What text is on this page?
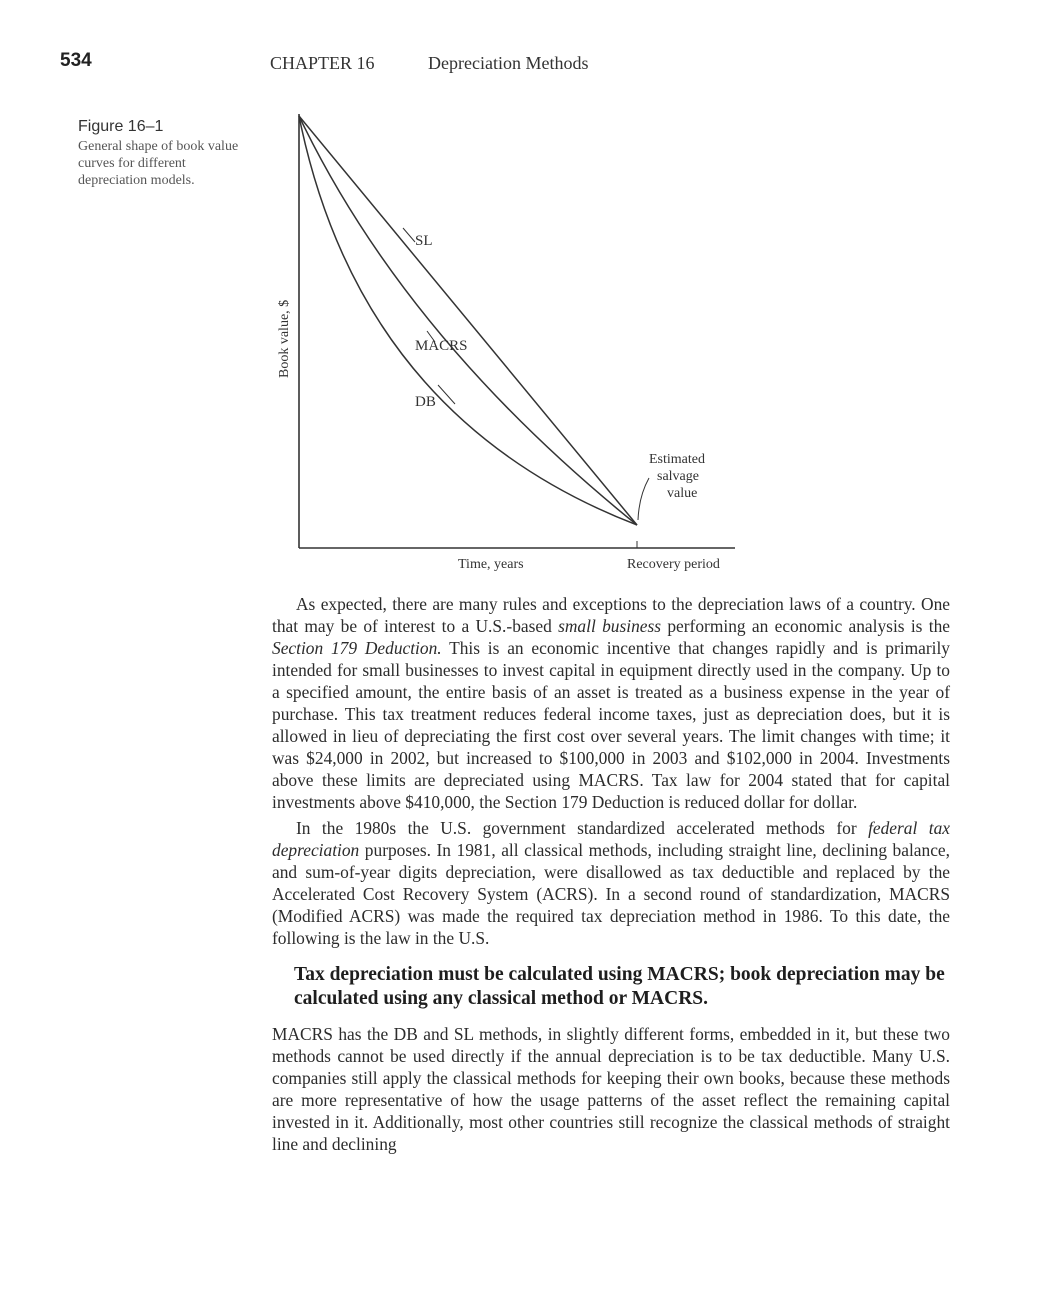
534	CHAPTER 16	Depreciation Methods
Figure 16–1
General shape of book value curves for different depreciation models.
SL
MACRS
DB
Estimated
salvage
value
Book value, $
Time, years	Recovery period

As expected, there are many rules and exceptions to the depreciation laws of a country. One that may be of interest to a U.S.-based small business performing an economic analysis is the Section 179 Deduction. This is an economic incentive that changes rapidly and is primarily intended for small businesses to invest capital in equipment directly used in the company. Up to a specified amount, the entire basis of an asset is treated as a business expense in the year of purchase. This tax treatment reduces federal income taxes, just as depreciation does, but it is allowed in lieu of depreciating the first cost over several years. The limit changes with time; it was $24,000 in 2002, but increased to $100,000 in 2003 and $102,000 in 2004. Investments above these limits are depreciated using MACRS. Tax law for 2004 stated that for capital investments above $410,000, the Section 179 Deduction is reduced dollar for dollar.

In the 1980s the U.S. government standardized accelerated methods for federal tax depreciation purposes. In 1981, all classical methods, including straight line, declining balance, and sum-of-year digits depreciation, were disallowed as tax deductible and replaced by the Accelerated Cost Recovery System (ACRS). In a second round of standardization, MACRS (Modified ACRS) was made the required tax depreciation method in 1986. To this date, the following is the law in the U.S.

Tax depreciation must be calculated using MACRS; book depreciation may be calculated using any classical method or MACRS.

MACRS has the DB and SL methods, in slightly different forms, embedded in it, but these two methods cannot be used directly if the annual depreciation is to be tax deductible. Many U.S. companies still apply the classical methods for keeping their own books, because these methods are more representative of how the usage patterns of the asset reflect the remaining capital invested in it. Additionally, most other countries still recognize the classical methods of straight line and declining
